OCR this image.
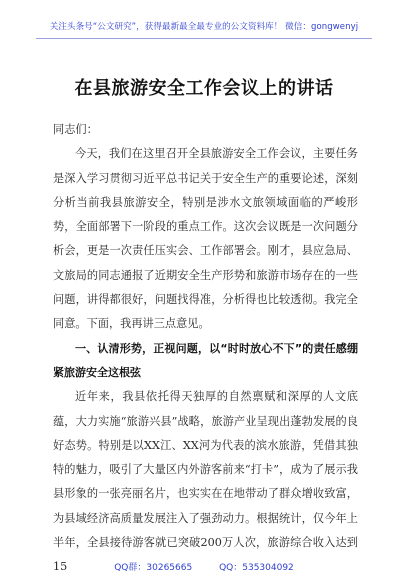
关注头条号“公文研究”，获得最新最全最专业的公文资料库！ 微信：gongwenyj
在县旅游安全工作会议上的讲话

同志们：

今天，我们在这里召开全县旅游安全工作会议，主要任务是深入学习贯彻习近平总书记关于安全生产的重要论述，深刻分析当前我县旅游安全，特别是涉水文旅领域面临的严峻形势，全面部署下一阶段的重点工作。这次会议既是一次问题分析会，更是一次责任压实会、工作部署会。刚才，县应急局、文旅局的同志通报了近期安全生产形势和旅游市场存在的一些问题，讲得都很好，问题找得准，分析得也比较透彻。我完全同意。下面，我再讲三点意见。

一、认清形势，正视问题，以“时时放心不下”的责任感绷紧旅游安全这根弦

近年来，我县依托得天独厚的自然禀赋和深厚的人文底蕴，大力实施“旅游兴县”战略，旅游产业呈现出蓬勃发展的良好态势。特别是以XX江、XX河为代表的滨水旅游，凭借其独特的魅力，吸引了大量区内外游客前来“打卡”，成为了展示我县形象的一张亮丽名片，也实实在在地带动了群众增收致富，为县域经济高质量发展注入了强劲动力。根据统计，仅今年上半年，全县接待游客就已突破200万人次，旅游综合收入达到15	QQ群：30265665	QQ：535304092
